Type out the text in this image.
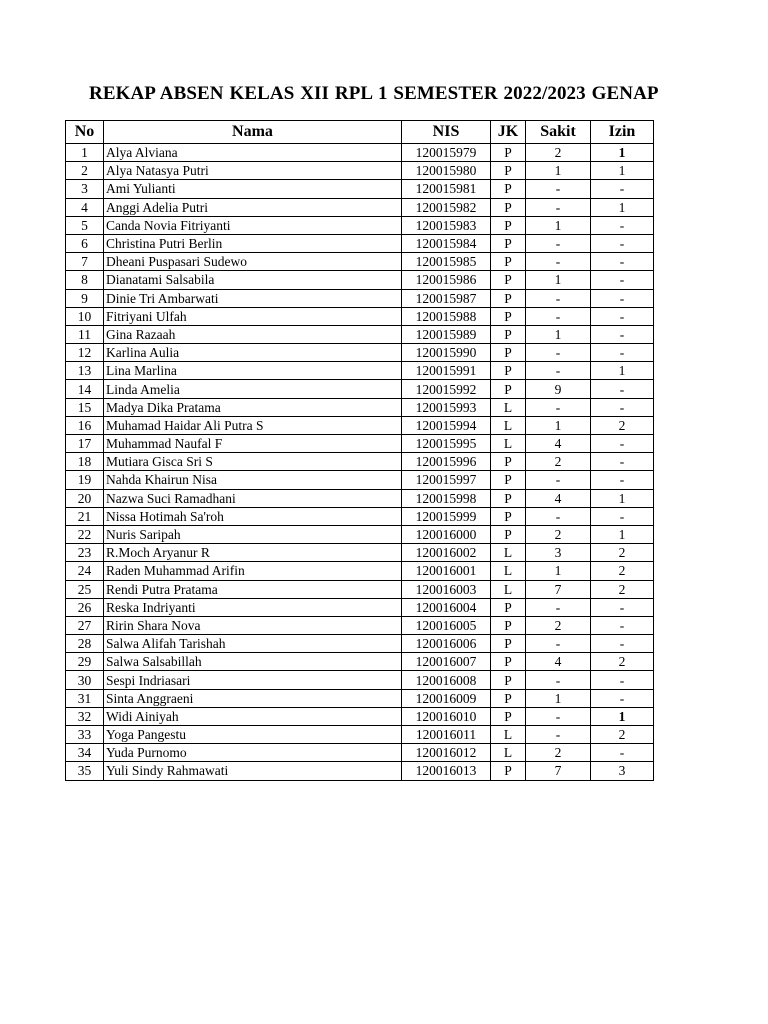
REKAP ABSEN KELAS XII RPL 1 SEMESTER 2022/2023 GENAP
No	Nama	NIS	JK	Sakit	Izin
1	Alya Alviana	120015979	P	2	1
2	Alya Natasya Putri	120015980	P	1	1
3	Ami Yulianti	120015981	P	-	-
4	Anggi Adelia Putri	120015982	P	-	1
5	Canda Novia Fitriyanti	120015983	P	1	-
6	Christina Putri Berlin	120015984	P	-	-
7	Dheani Puspasari Sudewo	120015985	P	-	-
8	Dianatami Salsabila	120015986	P	1	-
9	Dinie Tri Ambarwati	120015987	P	-	-
10	Fitriyani Ulfah	120015988	P	-	-
11	Gina Razaah	120015989	P	1	-
12	Karlina Aulia	120015990	P	-	-
13	Lina Marlina	120015991	P	-	1
14	Linda Amelia	120015992	P	9	-
15	Madya Dika Pratama	120015993	L	-	-
16	Muhamad Haidar Ali Putra S	120015994	L	1	2
17	Muhammad Naufal F	120015995	L	4	-
18	Mutiara Gisca Sri S	120015996	P	2	-
19	Nahda Khairun Nisa	120015997	P	-	-
20	Nazwa Suci Ramadhani	120015998	P	4	1
21	Nissa Hotimah Sa'roh	120015999	P	-	-
22	Nuris Saripah	120016000	P	2	1
23	R.Moch Aryanur R	120016002	L	3	2
24	Raden Muhammad Arifin	120016001	L	1	2
25	Rendi Putra Pratama	120016003	L	7	2
26	Reska Indriyanti	120016004	P	-	-
27	Ririn Shara Nova	120016005	P	2	-
28	Salwa Alifah Tarishah	120016006	P	-	-
29	Salwa Salsabillah	120016007	P	4	2
30	Sespi Indriasari	120016008	P	-	-
31	Sinta Anggraeni	120016009	P	1	-
32	Widi Ainiyah	120016010	P	-	1
33	Yoga Pangestu	120016011	L	-	2
34	Yuda Purnomo	120016012	L	2	-
35	Yuli Sindy Rahmawati	120016013	P	7	3
